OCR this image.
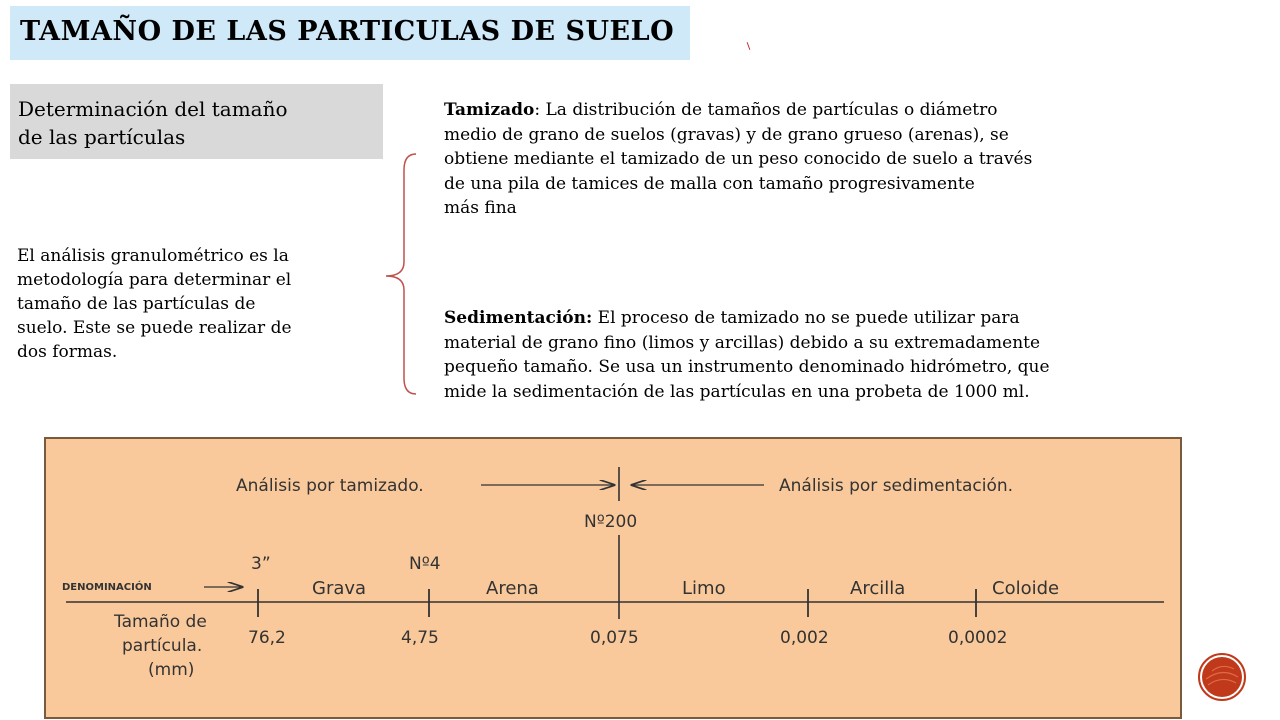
TAMAÑO DE LAS PARTICULAS DE SUELO
Determinación del tamaño
de las partículas
El análisis granulométrico es la
metodología para determinar el
tamaño de las partículas de
suelo. Este se puede realizar de
dos formas.
Tamizado: La distribución de tamaños de partículas o diámetro
medio de grano de suelos (gravas) y de grano grueso (arenas), se
obtiene mediante el tamizado de un peso conocido de suelo a través
de una pila de tamices de malla con tamaño progresivamente
más fina
Sedimentación: El proceso de tamizado no se puede utilizar para
material de grano fino (limos y arcillas) debido a su extremadamente
pequeño tamaño. Se usa un instrumento denominado hidrómetro, que
mide la sedimentación de las partículas en una probeta de 1000 ml.
Análisis por tamizado.	Análisis por sedimentación.
Nº200
DENOMINACIÓN
3”	Nº4
Grava	Arena	Limo	Arcilla	Coloide
Tamaño de
partícula.
(mm)
76,2	4,75	0,075	0,002	0,0002
